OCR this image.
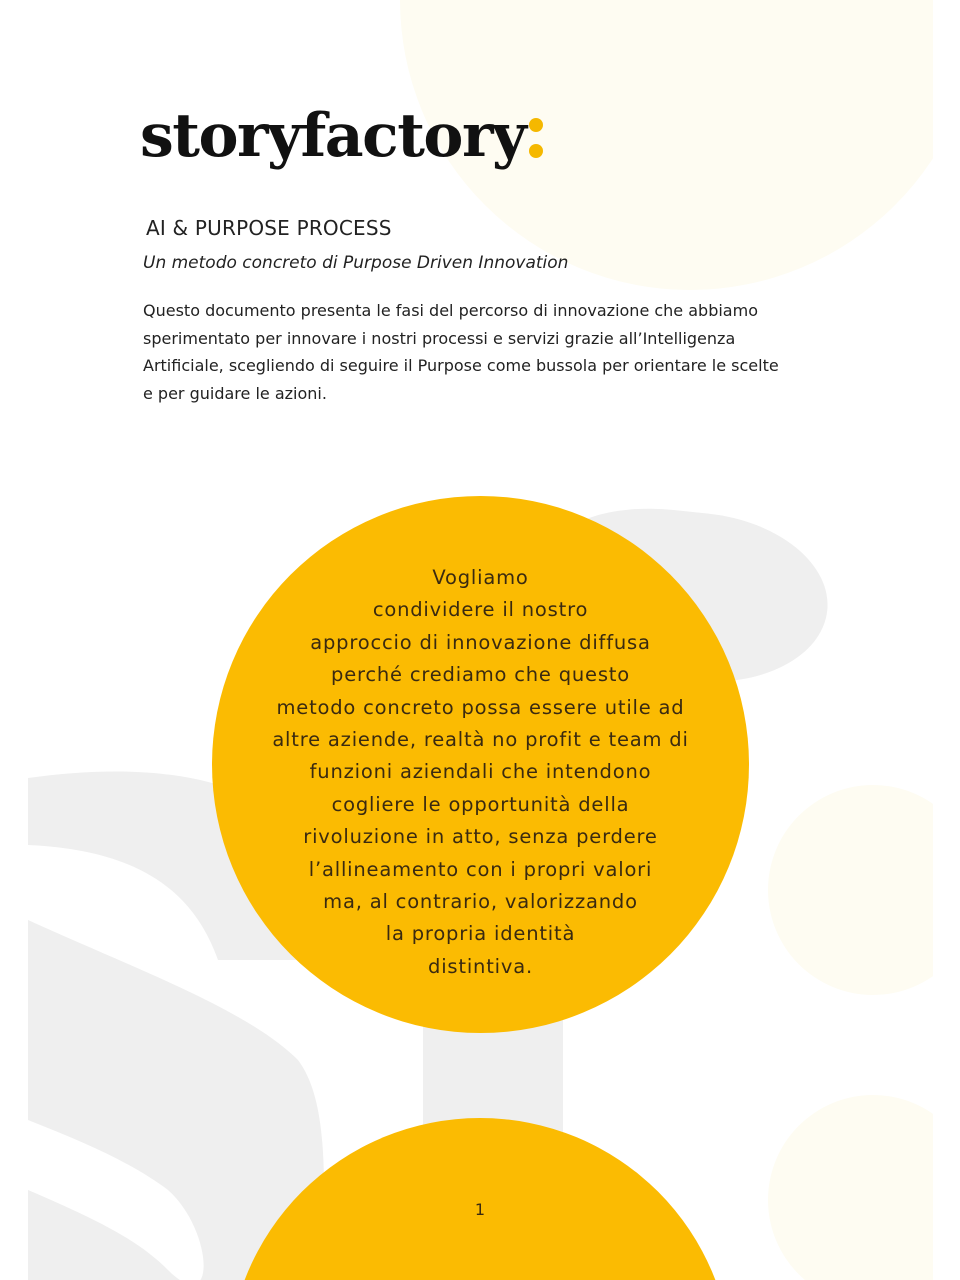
storyfactory
AI & PURPOSE PROCESS

Un metodo concreto di Purpose Driven Innovation

Questo documento presenta le fasi del percorso di innovazione che abbiamo
sperimentato per innovare i nostri processi e servizi grazie all’Intelligenza
Artificiale, scegliendo di seguire il Purpose come bussola per orientare le scelte
e per guidare le azioni.

Vogliamo
condividere il nostro
approccio di innovazione diffusa
perché crediamo che questo
metodo concreto possa essere utile ad
altre aziende, realtà no profit e team di
funzioni aziendali che intendono
cogliere le opportunità della
rivoluzione in atto, senza perdere
l’allineamento con i propri valori
ma, al contrario, valorizzando
la propria identità
distintiva.
1
